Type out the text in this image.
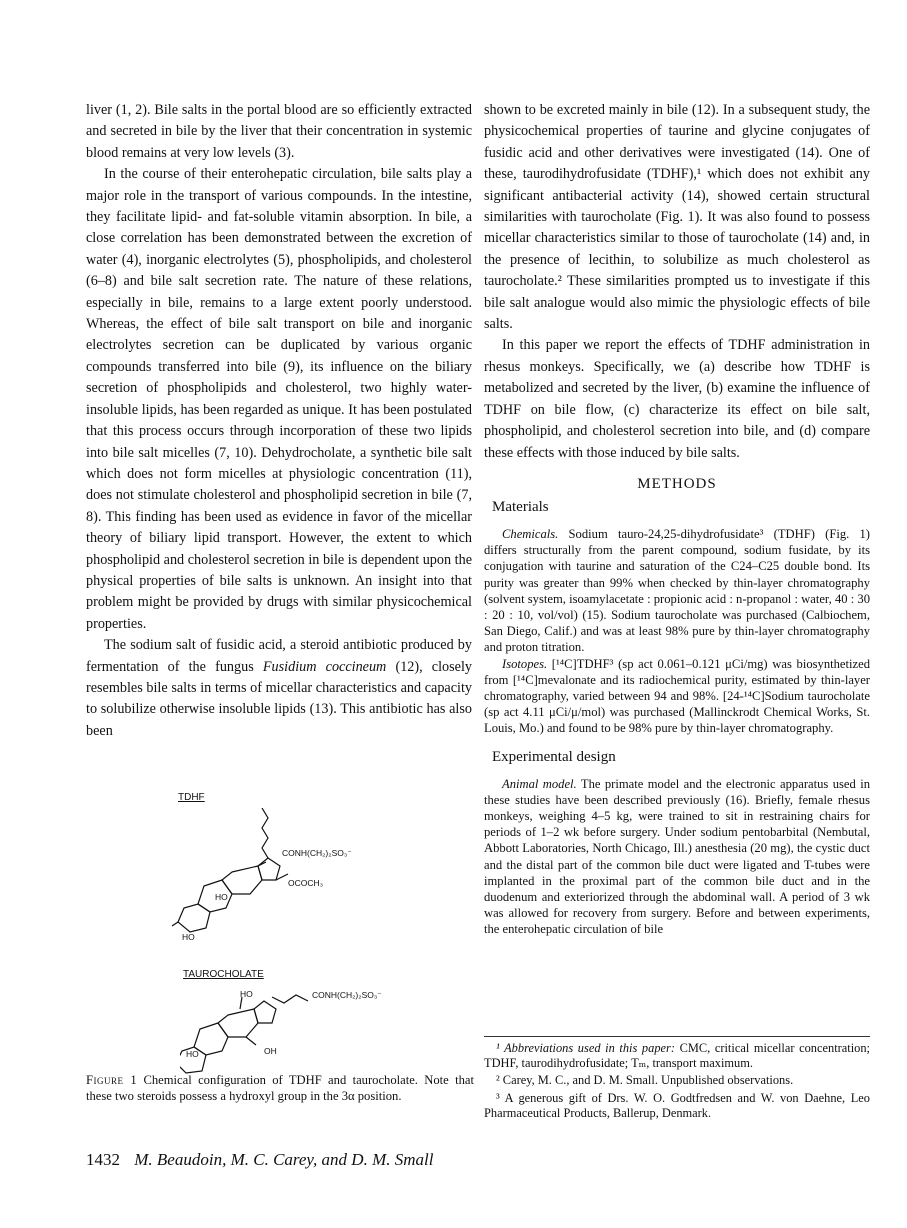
liver (1, 2). Bile salts in the portal blood are so efficiently extracted and secreted in bile by the liver that their concentration in systemic blood remains at very low levels (3).

In the course of their enterohepatic circulation, bile salts play a major role in the transport of various compounds. In the intestine, they facilitate lipid- and fat-soluble vitamin absorption. In bile, a close correlation has been demonstrated between the excretion of water (4), inorganic electrolytes (5), phospholipids, and cholesterol (6–8) and bile salt secretion rate. The nature of these relations, especially in bile, remains to a large extent poorly understood. Whereas, the effect of bile salt transport on bile and inorganic electrolytes secretion can be duplicated by various organic compounds transferred into bile (9), its influence on the biliary secretion of phospholipids and cholesterol, two highly water-insoluble lipids, has been regarded as unique. It has been postulated that this process occurs through incorporation of these two lipids into bile salt micelles (7, 10). Dehydrocholate, a synthetic bile salt which does not form micelles at physiologic concentration (11), does not stimulate cholesterol and phospholipid secretion in bile (7, 8). This finding has been used as evidence in favor of the micellar theory of biliary lipid transport. However, the extent to which phospholipid and cholesterol secretion in bile is dependent upon the physical properties of bile salts is unknown. An insight into that problem might be provided by drugs with similar physicochemical properties.

The sodium salt of fusidic acid, a steroid antibiotic produced by fermentation of the fungus Fusidium coccineum (12), closely resembles bile salts in terms of micellar characteristics and capacity to solubilize otherwise insoluble lipids (13). This antibiotic has also been

TDHF
CONH(CH₂)₂SO₃⁻
OCOCH₃
HO
HO
TAUROCHOLATE
HO	CONH(CH₂)₂SO₃⁻
HO	OH
Figure 1 Chemical configuration of TDHF and taurocholate. Note that these two steroids possess a hydroxyl group in the 3α position.

shown to be excreted mainly in bile (12). In a subsequent study, the physicochemical properties of taurine and glycine conjugates of fusidic acid and other derivatives were investigated (14). One of these, taurodihydrofusidate (TDHF),¹ which does not exhibit any significant antibacterial activity (14), showed certain structural similarities with taurocholate (Fig. 1). It was also found to possess micellar characteristics similar to those of taurocholate (14) and, in the presence of lecithin, to solubilize as much cholesterol as taurocholate.² These similarities prompted us to investigate if this bile salt analogue would also mimic the physiologic effects of bile salts.

In this paper we report the effects of TDHF administration in rhesus monkeys. Specifically, we (a) describe how TDHF is metabolized and secreted by the liver, (b) examine the influence of TDHF on bile flow, (c) characterize its effect on bile salt, phospholipid, and cholesterol secretion into bile, and (d) compare these effects with those induced by bile salts.

METHODS
Materials

Chemicals. Sodium tauro-24,25-dihydrofusidate³ (TDHF) (Fig. 1) differs structurally from the parent compound, sodium fusidate, by its conjugation with taurine and saturation of the C24–C25 double bond. Its purity was greater than 99% when checked by thin-layer chromatography (solvent system, isoamylacetate : propionic acid : n-propanol : water, 40 : 30 : 20 : 10, vol/vol) (15). Sodium taurocholate was purchased (Calbiochem, San Diego, Calif.) and was at least 98% pure by thin-layer chromatography and proton titration.

Isotopes. [¹⁴C]TDHF³ (sp act 0.061–0.121 μCi/mg) was biosynthetized from [¹⁴C]mevalonate and its radiochemical purity, estimated by thin-layer chromatography, varied between 94 and 98%. [24-¹⁴C]Sodium taurocholate (sp act 4.11 μCi/μ/mol) was purchased (Mallinckrodt Chemical Works, St. Louis, Mo.) and found to be 98% pure by thin-layer chromatography.

Experimental design

Animal model. The primate model and the electronic apparatus used in these studies have been described previously (16). Briefly, female rhesus monkeys, weighing 4–5 kg, were trained to sit in restraining chairs for periods of 1–2 wk before surgery. Under sodium pentobarbital (Nembutal, Abbott Laboratories, North Chicago, Ill.) anesthesia (20 mg), the cystic duct and the distal part of the common bile duct were ligated and T-tubes were implanted in the proximal part of the common bile duct and in the duodenum and exteriorized through the abdominal wall. A period of 3 wk was allowed for recovery from surgery. Before and between experiments, the enterohepatic circulation of bile

¹ Abbreviations used in this paper: CMC, critical micellar concentration; TDHF, taurodihydrofusidate; Tₘ, transport maximum.

² Carey, M. C., and D. M. Small. Unpublished observations.

³ A generous gift of Drs. W. O. Godtfredsen and W. von Daehne, Leo Pharmaceutical Products, Ballerup, Denmark.

1432 M. Beaudoin, M. C. Carey, and D. M. Small
